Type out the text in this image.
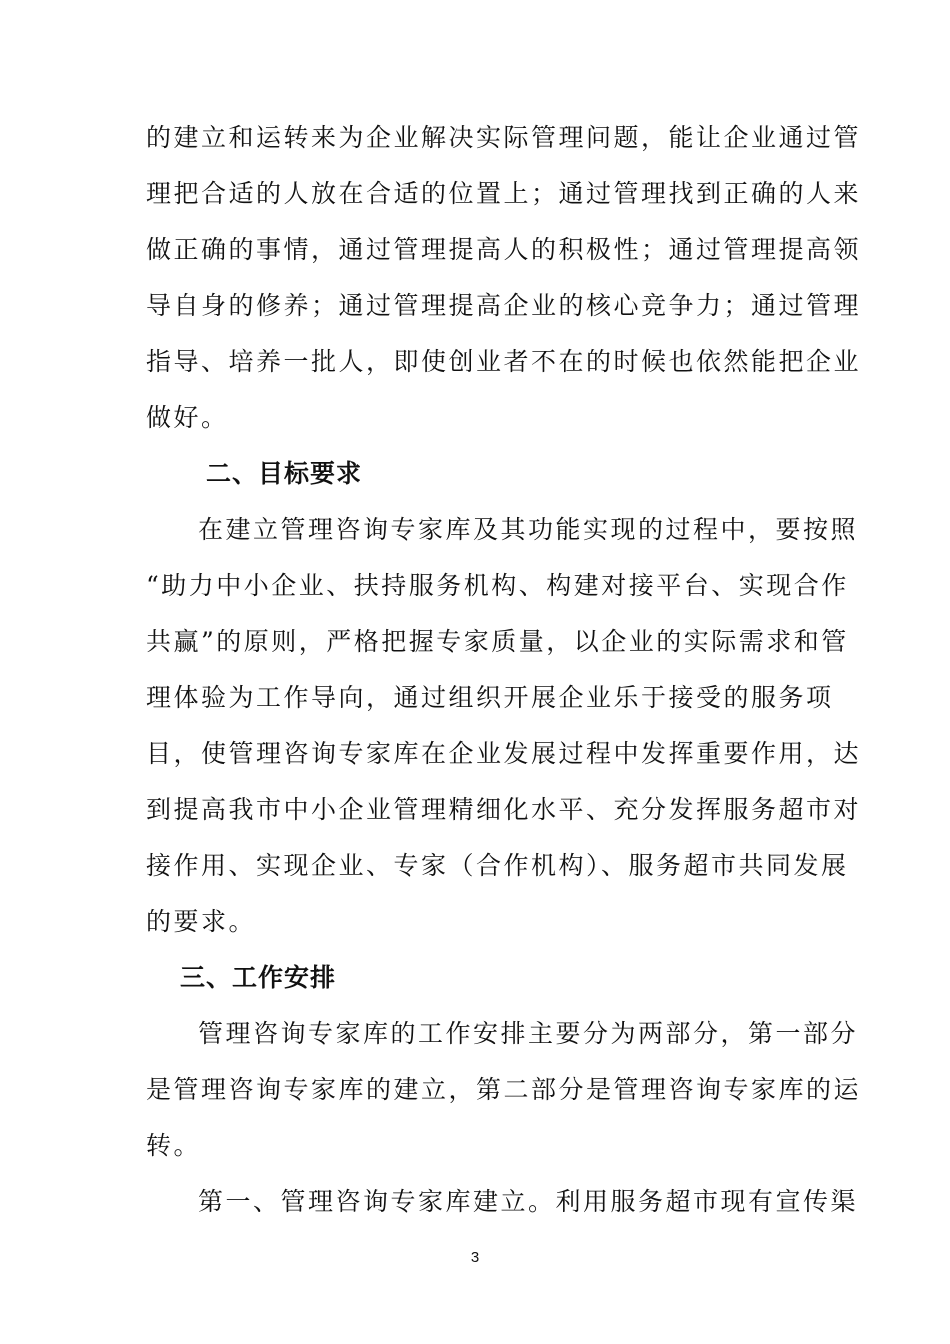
的建立和运转来为企业解决实际管理问题，能让企业通过管
理把合适的人放在合适的位置上；通过管理找到正确的人来
做正确的事情，通过管理提高人的积极性；通过管理提高领
导自身的修养；通过管理提高企业的核心竞争力；通过管理
指导、培养一批人，即使创业者不在的时候也依然能把企业
做好。
二、目标要求
在建立管理咨询专家库及其功能实现的过程中，要按照
“助力中小企业、扶持服务机构、构建对接平台、实现合作
共赢”的原则，严格把握专家质量，以企业的实际需求和管
理体验为工作导向，通过组织开展企业乐于接受的服务项
目，使管理咨询专家库在企业发展过程中发挥重要作用，达
到提高我市中小企业管理精细化水平、充分发挥服务超市对
接作用、实现企业、专家（合作机构）、服务超市共同发展
的要求。
三、工作安排
管理咨询专家库的工作安排主要分为两部分，第一部分
是管理咨询专家库的建立，第二部分是管理咨询专家库的运
转。
第一、管理咨询专家库建立。利用服务超市现有宣传渠
3
